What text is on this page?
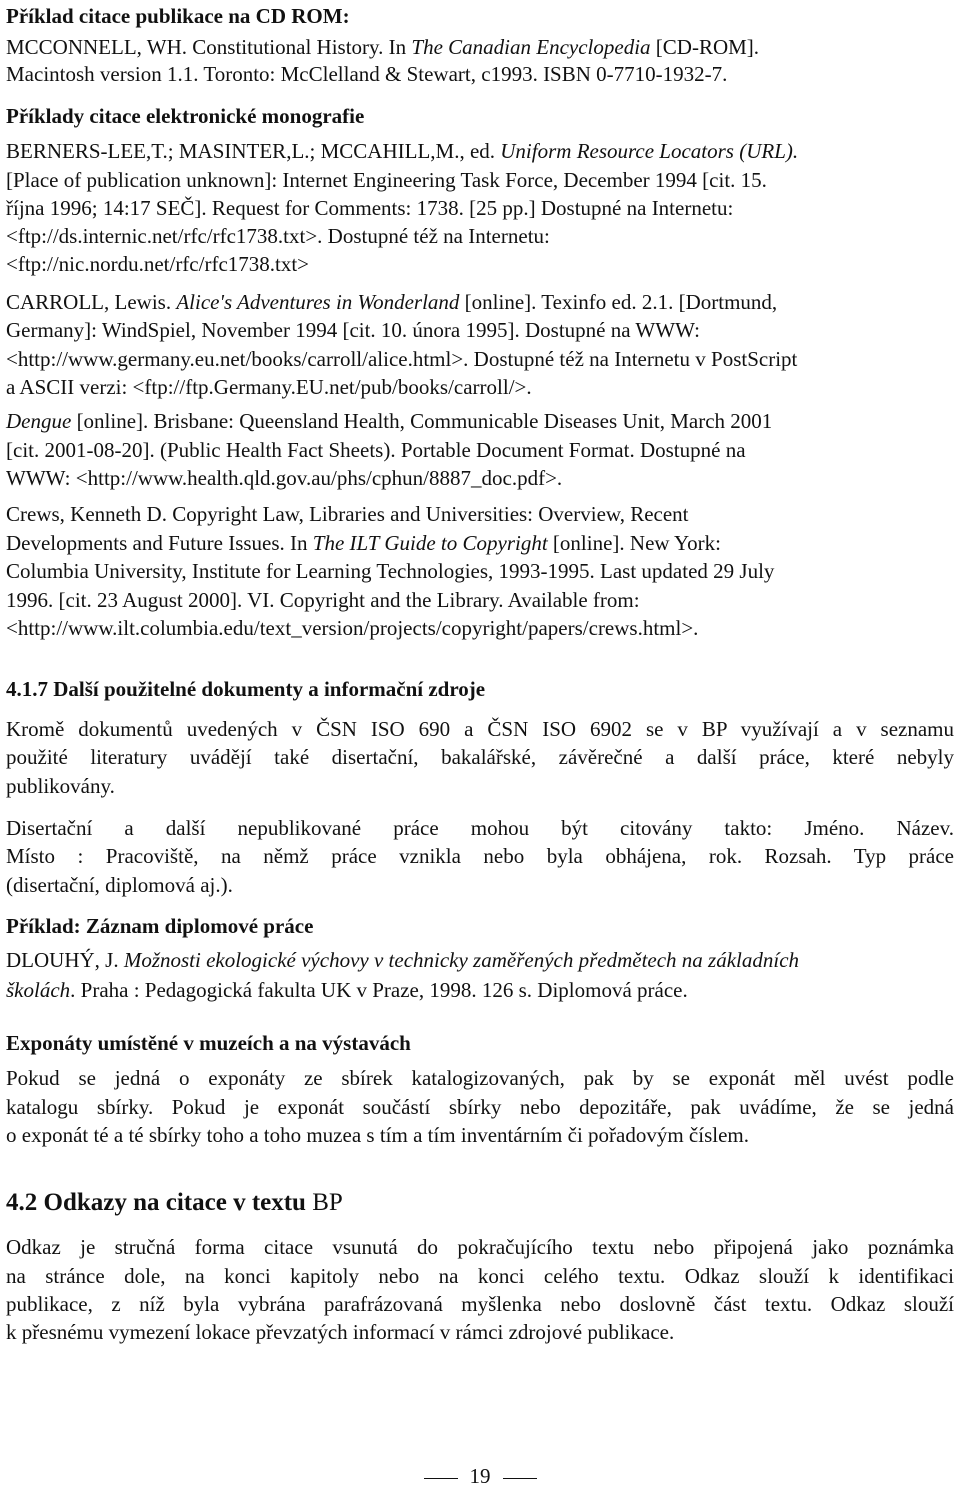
Příklad citace publikace na CD ROM:
MCCONNELL, WH. Constitutional History. In The Canadian Encyclopedia [CD-ROM].
Macintosh version 1.1. Toronto: McClelland & Stewart, c1993. ISBN 0-7710-1932-7.
Příklady citace elektronické monografie
BERNERS-LEE,T.; MASINTER,L.; MCCAHILL,M., ed. Uniform Resource Locators (URL).
[Place of publication unknown]: Internet Engineering Task Force, December 1994 [cit. 15.
října 1996; 14:17 SEČ]. Request for Comments: 1738. [25 pp.] Dostupné na Internetu:
<ftp://ds.internic.net/rfc/rfc1738.txt>. Dostupné též na Internetu:
<ftp://nic.nordu.net/rfc/rfc1738.txt>
CARROLL, Lewis. Alice's Adventures in Wonderland [online]. Texinfo ed. 2.1. [Dortmund,
Germany]: WindSpiel, November 1994 [cit. 10. února 1995]. Dostupné na WWW:
<http://www.germany.eu.net/books/carroll/alice.html>. Dostupné též na Internetu v PostScript
a ASCII verzi: <ftp://ftp.Germany.EU.net/pub/books/carroll/>.
Dengue [online]. Brisbane: Queensland Health, Communicable Diseases Unit, March 2001
[cit. 2001-08-20]. (Public Health Fact Sheets). Portable Document Format. Dostupné na
WWW: <http://www.health.qld.gov.au/phs/cphun/8887_doc.pdf>.
Crews, Kenneth D. Copyright Law, Libraries and Universities: Overview, Recent
Developments and Future Issues. In The ILT Guide to Copyright [online]. New York:
Columbia University, Institute for Learning Technologies, 1993-1995. Last updated 29 July
1996. [cit. 23 August 2000]. VI. Copyright and the Library. Available from:
<http://www.ilt.columbia.edu/text_version/projects/copyright/papers/crews.html>.
4.1.7 Další použitelné dokumenty a informační zdroje
Kromě dokumentů uvedených v ČSN ISO 690 a ČSN ISO 6902 se v BP využívají a v seznamu
použité literatury uvádějí také disertační, bakalářské, závěrečné a další práce, které nebyly
publikovány.
Disertační a další nepublikované práce mohou být citovány takto: Jméno. Název.
Místo : Pracoviště, na němž práce vznikla nebo byla obhájena, rok. Rozsah. Typ práce
(disertační, diplomová aj.).
Příklad: Záznam diplomové práce
DLOUHÝ, J. Možnosti ekologické výchovy v technicky zaměřených předmětech na základních
školách. Praha : Pedagogická fakulta UK v Praze, 1998. 126 s. Diplomová práce.
Exponáty umístěné v muzeích a na výstavách
Pokud se jedná o exponáty ze sbírek katalogizovaných, pak by se exponát měl uvést podle
katalogu sbírky. Pokud je exponát součástí sbírky nebo depozitáře, pak uvádíme, že se jedná
o exponát té a té sbírky toho a toho muzea s tím a tím inventárním či pořadovým číslem.
4.2 Odkazy na citace v textu BP
Odkaz je stručná forma citace vsunutá do pokračujícího textu nebo připojená jako poznámka
na stránce dole, na konci kapitoly nebo na konci celého textu. Odkaz slouží k identifikaci
publikace, z níž byla vybrána parafrázovaná myšlenka nebo doslovně část textu. Odkaz slouží
k přesnému vymezení lokace převzatých informací v rámci zdrojové publikace.
19
